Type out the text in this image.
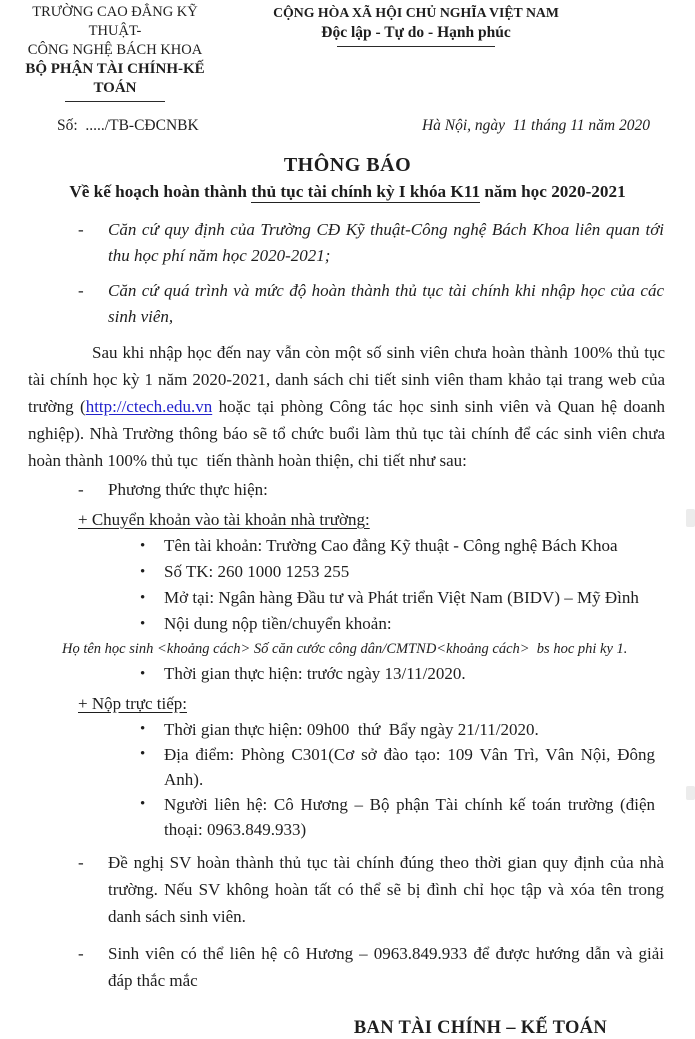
TRƯỜNG CAO ĐẲNG KỸ THUẬT-
CÔNG NGHỆ BÁCH KHOA
BỘ PHẬN TÀI CHÍNH-KẾ TOÁN
CỘNG HÒA XÃ HỘI CHỦ NGHĨA VIỆT NAM
Độc lập - Tự do - Hạnh phúc
Số:  ...../TB-CĐCNBK	Hà Nội, ngày  11 tháng 11 năm 2020
THÔNG BÁO
Về kế hoạch hoàn thành thủ tục tài chính kỳ I khóa K11 năm học 2020-2021
-	Căn cứ quy định của Trường CĐ Kỹ thuật-Công nghệ Bách Khoa liên quan tới thu học phí năm học 2020-2021;
-	Căn cứ quá trình và mức độ hoàn thành thủ tục tài chính khi nhập học của các sinh viên,

Sau khi nhập học đến nay vẫn còn một số sinh viên chưa hoàn thành 100% thủ tục tài chính học kỳ 1 năm 2020-2021, danh sách chi tiết sinh viên tham khảo tại trang web của trường (http://ctech.edu.vn hoặc tại phòng Công tác học sinh sinh viên và Quan hệ doanh nghiệp). Nhà Trường thông báo sẽ tổ chức buổi làm thủ tục tài chính để các sinh viên chưa hoàn thành 100% thủ tục  tiến thành hoàn thiện, chi tiết như sau:

-	Phương thức thực hiện:
+ Chuyển khoản vào tài khoản nhà trường:
•	Tên tài khoản: Trường Cao đẳng Kỹ thuật - Công nghệ Bách Khoa
•	Số TK: 260 1000 1253 255
•	Mở tại: Ngân hàng Đầu tư và Phát triển Việt Nam (BIDV) – Mỹ Đình
•	Nội dung nộp tiền/chuyển khoản:
Họ tên học sinh <khoảng cách> Số căn cước công dân/CMTND<khoảng cách>  bs hoc phi ky 1.
•	Thời gian thực hiện: trước ngày 13/11/2020.
+ Nộp trực tiếp:
•	Thời gian thực hiện: 09h00  thứ  Bẩy ngày 21/11/2020.
•	Địa điểm: Phòng C301(Cơ sở đào tạo: 109 Vân Trì, Vân Nội, Đông Anh).
•	Người liên hệ: Cô Hương – Bộ phận Tài chính kế toán trường (điện thoại: 0963.849.933)
-	Đề nghị SV hoàn thành thủ tục tài chính đúng theo thời gian quy định của nhà trường. Nếu SV không hoàn tất có thể sẽ bị đình chỉ học tập và xóa tên trong danh sách sinh viên.
-	Sinh viên có thể liên hệ cô Hương – 0963.849.933 để được hướng dẫn và giải đáp thắc mắc
BAN TÀI CHÍNH – KẾ TOÁN
